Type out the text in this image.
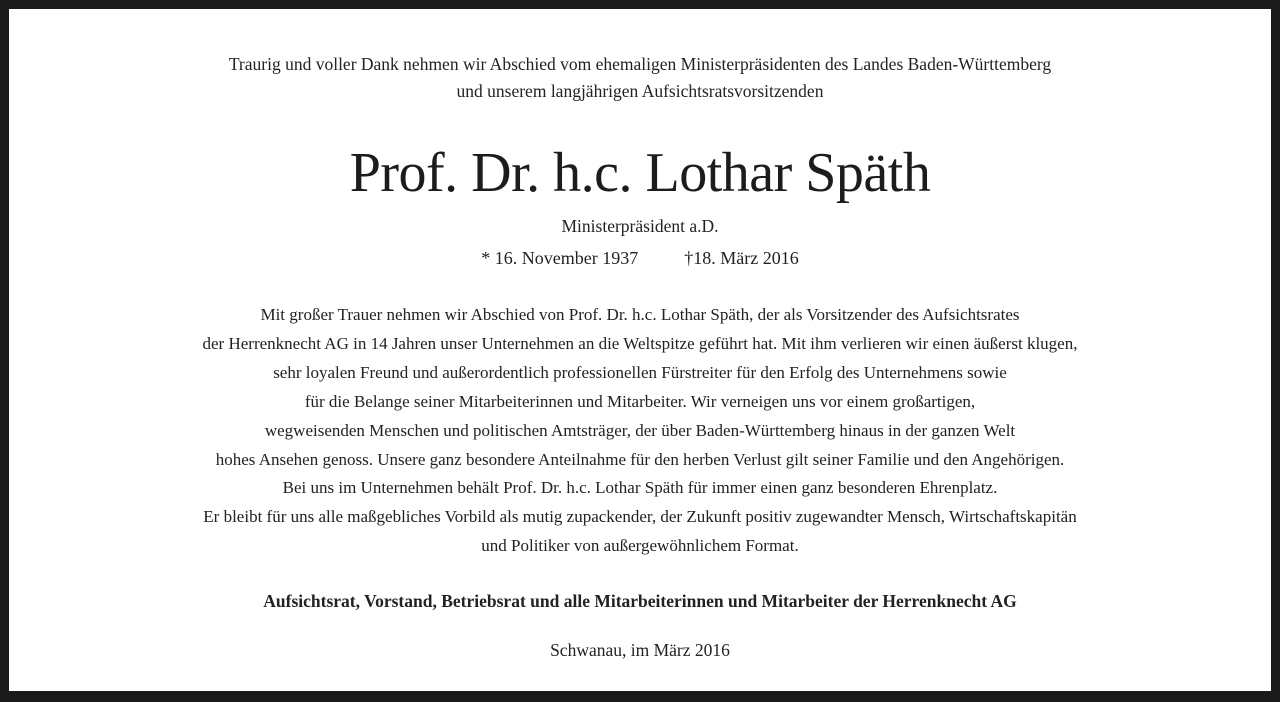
Traurig und voller Dank nehmen wir Abschied vom ehemaligen Ministerpräsidenten des Landes Baden-Württemberg
und unserem langjährigen Aufsichtsratsvorsitzenden
Prof. Dr. h.c. Lothar Späth
Ministerpräsident a.D.
* 16. November 1937	†18. März 2016
Mit großer Trauer nehmen wir Abschied von Prof. Dr. h.c. Lothar Späth, der als Vorsitzender des Aufsichtsrates
der Herrenknecht AG in 14 Jahren unser Unternehmen an die Weltspitze geführt hat. Mit ihm verlieren wir einen äußerst klugen,
sehr loyalen Freund und außerordentlich professionellen Fürstreiter für den Erfolg des Unternehmens sowie
für die Belange seiner Mitarbeiterinnen und Mitarbeiter. Wir verneigen uns vor einem großartigen,
wegweisenden Menschen und politischen Amtsträger, der über Baden-Württemberg hinaus in der ganzen Welt
hohes Ansehen genoss. Unsere ganz besondere Anteilnahme für den herben Verlust gilt seiner Familie und den Angehörigen.
Bei uns im Unternehmen behält Prof. Dr. h.c. Lothar Späth für immer einen ganz besonderen Ehrenplatz.
Er bleibt für uns alle maßgebliches Vorbild als mutig zupackender, der Zukunft positiv zugewandter Mensch, Wirtschaftskapitän
und Politiker von außergewöhnlichem Format.
Aufsichtsrat, Vorstand, Betriebsrat und alle Mitarbeiterinnen und Mitarbeiter der Herrenknecht AG
Schwanau, im März 2016
